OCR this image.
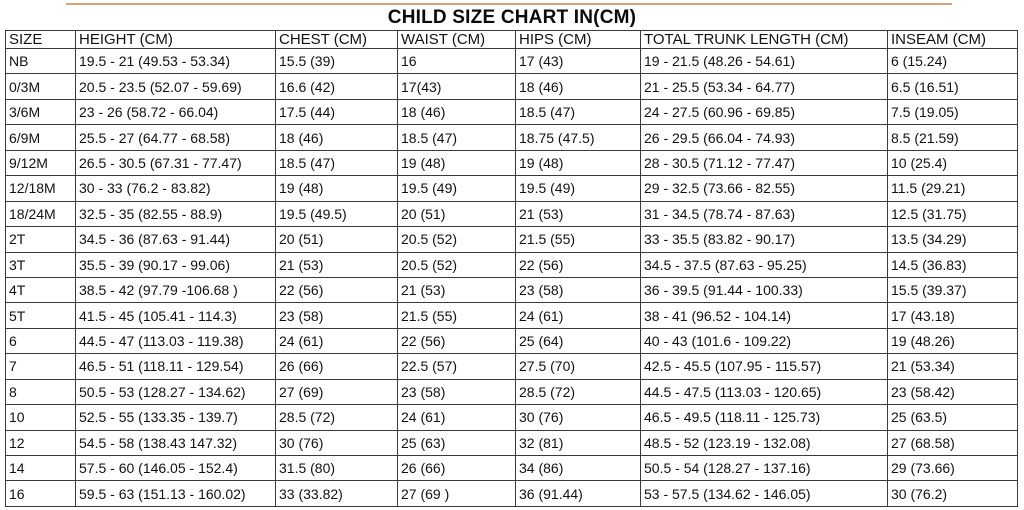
CHILD SIZE CHART IN(CM)
SIZE	HEIGHT (CM)	CHEST (CM)	WAIST (CM)	HIPS (CM)	TOTAL TRUNK LENGTH (CM)	INSEAM (CM)
NB	19.5 - 21 (49.53 - 53.34)	15.5 (39)	16	17 (43)	19 - 21.5 (48.26 - 54.61)	6 (15.24)
0/3M	20.5 - 23.5 (52.07 - 59.69)	16.6 (42)	17(43)	18 (46)	21 - 25.5 (53.34 - 64.77)	6.5 (16.51)
3/6M	23 - 26 (58.72 - 66.04)	17.5 (44)	18 (46)	18.5 (47)	24 - 27.5 (60.96 - 69.85)	7.5 (19.05)
6/9M	25.5 - 27 (64.77 - 68.58)	18 (46)	18.5 (47)	18.75 (47.5)	26 - 29.5 (66.04 - 74.93)	8.5 (21.59)
9/12M	26.5 - 30.5 (67.31 - 77.47)	18.5 (47)	19 (48)	19 (48)	28 - 30.5 (71.12 - 77.47)	10 (25.4)
12/18M	30 - 33 (76.2 - 83.82)	19 (48)	19.5 (49)	19.5 (49)	29 - 32.5 (73.66 - 82.55)	11.5 (29.21)
18/24M	32.5 - 35 (82.55 - 88.9)	19.5 (49.5)	20 (51)	21 (53)	31 - 34.5 (78.74 - 87.63)	12.5 (31.75)
2T	34.5 - 36 (87.63 - 91.44)	20 (51)	20.5 (52)	21.5 (55)	33 - 35.5 (83.82 - 90.17)	13.5 (34.29)
3T	35.5 - 39 (90.17 - 99.06)	21 (53)	20.5 (52)	22 (56)	34.5 - 37.5 (87.63 - 95.25)	14.5 (36.83)
4T	38.5 - 42 (97.79 -106.68 )	22 (56)	21 (53)	23 (58)	36 - 39.5 (91.44 - 100.33)	15.5 (39.37)
5T	41.5 - 45 (105.41 - 114.3)	23 (58)	21.5 (55)	24 (61)	38 - 41 (96.52 - 104.14)	17 (43.18)
6	44.5 - 47 (113.03 - 119.38)	24 (61)	22 (56)	25 (64)	40 - 43 (101.6 - 109.22)	19 (48.26)
7	46.5 - 51 (118.11 - 129.54)	26 (66)	22.5 (57)	27.5 (70)	42.5 - 45.5 (107.95 - 115.57)	21 (53.34)
8	50.5 - 53 (128.27 - 134.62)	27 (69)	23 (58)	28.5 (72)	44.5 - 47.5 (113.03 - 120.65)	23 (58.42)
10	52.5 - 55 (133.35 - 139.7)	28.5 (72)	24 (61)	30 (76)	46.5 - 49.5 (118.11 - 125.73)	25 (63.5)
12	54.5 - 58 (138.43 147.32)	30 (76)	25 (63)	32 (81)	48.5 - 52 (123.19 - 132.08)	27 (68.58)
14	57.5 - 60 (146.05 - 152.4)	31.5 (80)	26 (66)	34 (86)	50.5 - 54 (128.27 - 137.16)	29 (73.66)
16	59.5 - 63 (151.13 - 160.02)	33 (33.82)	27 (69 )	36 (91.44)	53 - 57.5 (134.62 - 146.05)	30 (76.2)
